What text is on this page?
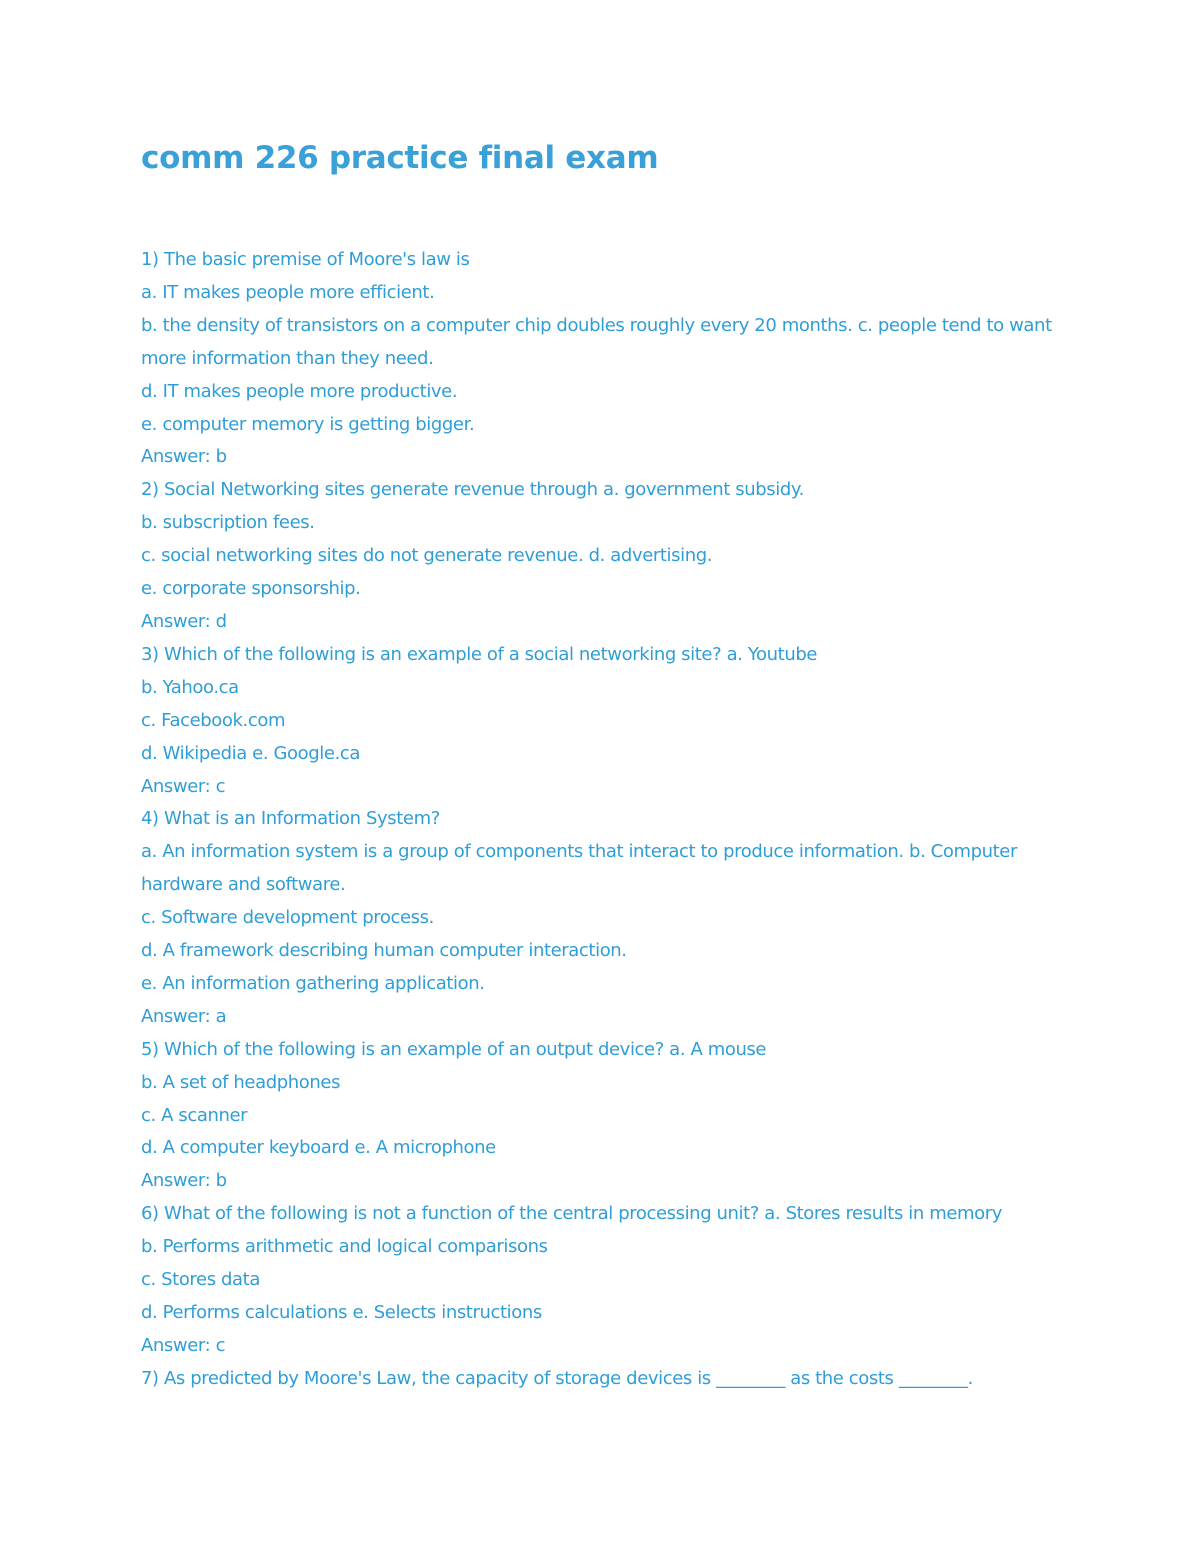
comm 226 practice final exam
1) The basic premise of Moore's law is
a. IT makes people more efficient.
b. the density of transistors on a computer chip doubles roughly every 20 months. c. people tend to want
more information than they need.
d. IT makes people more productive.
e. computer memory is getting bigger.
Answer: b
2) Social Networking sites generate revenue through a. government subsidy.
b. subscription fees.
c. social networking sites do not generate revenue. d. advertising.
e. corporate sponsorship.
Answer: d
3) Which of the following is an example of a social networking site? a. Youtube
b. Yahoo.ca
c. Facebook.com
d. Wikipedia e. Google.ca
Answer: c
4) What is an Information System?
a. An information system is a group of components that interact to produce information. b. Computer
hardware and software.
c. Software development process.
d. A framework describing human computer interaction.
e. An information gathering application.
Answer: a
5) Which of the following is an example of an output device? a. A mouse
b. A set of headphones
c. A scanner
d. A computer keyboard e. A microphone
Answer: b
6) What of the following is not a function of the central processing unit? a. Stores results in memory
b. Performs arithmetic and logical comparisons
c. Stores data
d. Performs calculations e. Selects instructions
Answer: c
7) As predicted by Moore's Law, the capacity of storage devices is ________ as the costs ________.
